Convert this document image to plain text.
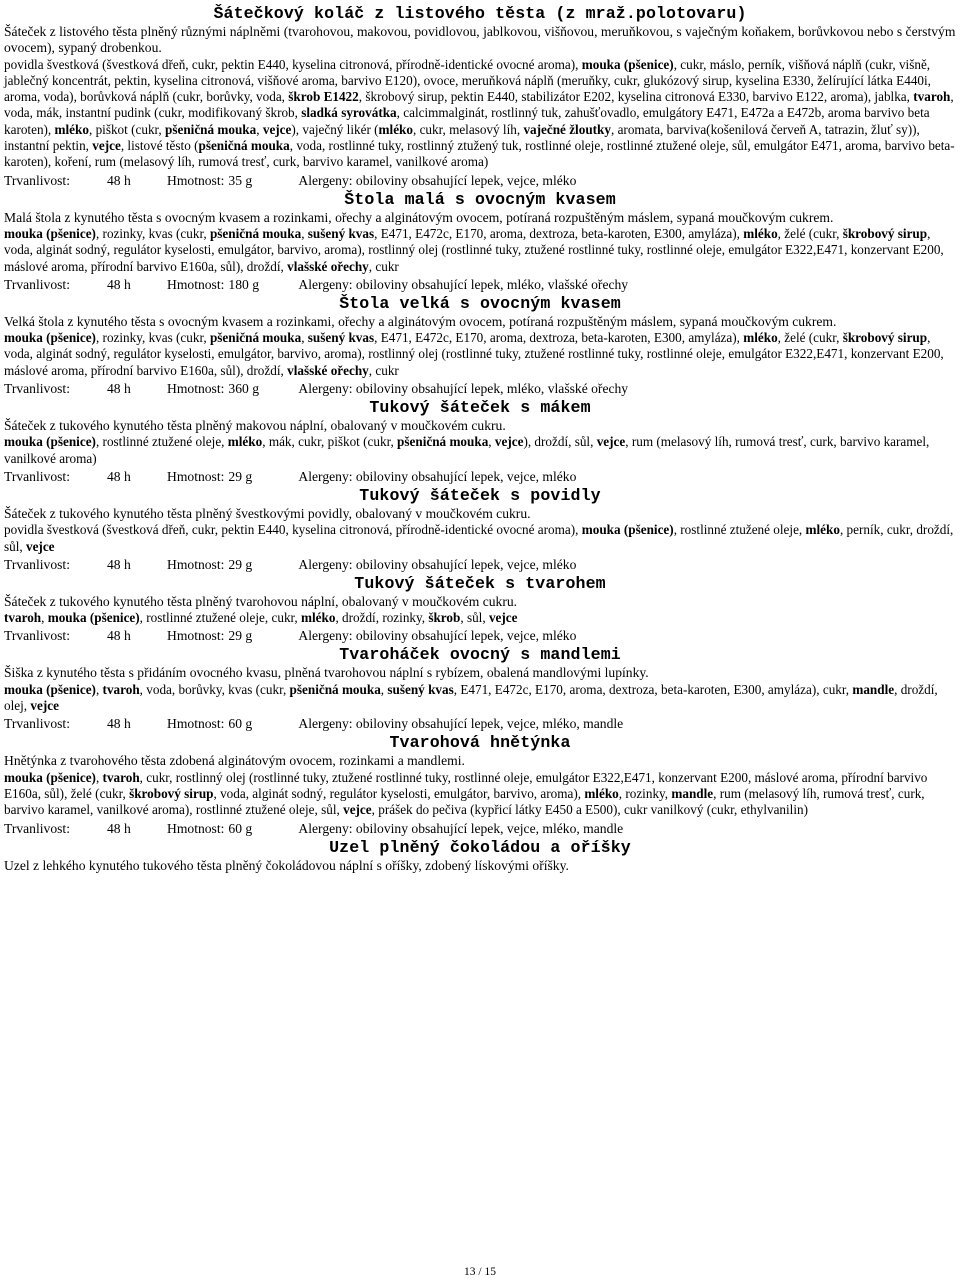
Šátečkový koláč z listového těsta (z mraž.polotovaru)
Šáteček z listového těsta plněný různými náplněmi (tvarohovou, makovou, povidlovou, jablkovou, višňovou, meruňkovou, s vaječným koňakem, borůvkovou nebo s čerstvým ovocem), sypaný drobenkou.
povidla švestková (švestková dřeň, cukr, pektin E440, kyselina citronová, přírodně-identické ovocné aroma), mouka (pšenice), cukr, máslo, perník, višňová náplň (cukr, višně, jablečný koncentrát, pektin, kyselina citronová, višňové aroma, barvivo E120), ovoce, meruňková náplň (meruňky, cukr, glukózový sirup, kyselina E330, želírující látka E440i, aroma, voda), borůvková náplň (cukr, borůvky, voda, škrob E1422, škrobový sirup, pektin E440, stabilizátor E202, kyselina citronová E330, barvivo E122, aroma), jablka, tvaroh, voda, mák, instantní pudink (cukr, modifikovaný škrob, sladká syrovátka, calcimmalginát, rostlinný tuk, zahušťovadlo, emulgátory E471, E472a a E472b, aroma barvivo beta karoten), mléko, piškot (cukr, pšeničná mouka, vejce), vaječný likér (mléko, cukr, melasový líh, vaječné žloutky, aromata, barviva(košenilová červeň A, tatrazin, žluť sy)), instantní pektin, vejce, listové těsto (pšeničná mouka, voda, rostlinné tuky, rostlinný ztužený tuk, rostlinné oleje, rostlinné ztužené oleje, sůl, emulgátor E471, aroma, barvivo beta-karoten), koření, rum (melasový líh, rumová tresť, curk, barvivo karamel, vanilkové aroma)
Trvanlivost:	48 h	Hmotnost: 35 g	Alergeny: obiloviny obsahující lepek, vejce, mléko
Štola malá s ovocným kvasem
Malá štola z kynutého těsta s ovocným kvasem a rozinkami, ořechy a alginátovým ovocem, potíraná rozpuštěným máslem, sypaná moučkovým cukrem.
mouka (pšenice), rozinky, kvas (cukr, pšeničná mouka, sušený kvas, E471, E472c, E170, aroma, dextroza, beta-karoten, E300, amyláza), mléko, želé (cukr, škrobový sirup, voda, alginát sodný, regulátor kyselosti, emulgátor, barvivo, aroma), rostlinný olej (rostlinné tuky, ztužené rostlinné tuky, rostlinné oleje, emulgátor E322,E471, konzervant E200, máslové aroma, přírodní barvivo E160a, sůl), droždí, vlašské ořechy, cukr
Trvanlivost:	48 h	Hmotnost: 180 g	Alergeny: obiloviny obsahující lepek, mléko, vlašské ořechy
Štola velká s ovocným kvasem
Velká štola z kynutého těsta s ovocným kvasem a rozinkami, ořechy a alginátovým ovocem, potíraná rozpuštěným máslem, sypaná moučkovým cukrem.
mouka (pšenice), rozinky, kvas (cukr, pšeničná mouka, sušený kvas, E471, E472c, E170, aroma, dextroza, beta-karoten, E300, amyláza), mléko, želé (cukr, škrobový sirup, voda, alginát sodný, regulátor kyselosti, emulgátor, barvivo, aroma), rostlinný olej (rostlinné tuky, ztužené rostlinné tuky, rostlinné oleje, emulgátor E322,E471, konzervant E200, máslové aroma, přírodní barvivo E160a, sůl), droždí, vlašské ořechy, cukr
Trvanlivost:	48 h	Hmotnost: 360 g	Alergeny: obiloviny obsahující lepek, mléko, vlašské ořechy
Tukový šáteček s mákem
Šáteček z tukového kynutého těsta plněný makovou náplní, obalovaný v moučkovém cukru.
mouka (pšenice), rostlinné ztužené oleje, mléko, mák, cukr, piškot (cukr, pšeničná mouka, vejce), droždí, sůl, vejce, rum (melasový líh, rumová tresť, curk, barvivo karamel, vanilkové aroma)
Trvanlivost:	48 h	Hmotnost: 29 g	Alergeny: obiloviny obsahující lepek, vejce, mléko
Tukový šáteček s povidly
Šáteček z tukového kynutého těsta plněný švestkovými povidly, obalovaný v moučkovém cukru.
povidla švestková (švestková dřeň, cukr, pektin E440, kyselina citronová, přírodně-identické ovocné aroma), mouka (pšenice), rostlinné ztužené oleje, mléko, perník, cukr, droždí, sůl, vejce
Trvanlivost:	48 h	Hmotnost: 29 g	Alergeny: obiloviny obsahující lepek, vejce, mléko
Tukový šáteček s tvarohem
Šáteček z tukového kynutého těsta plněný tvarohovou náplní, obalovaný v moučkovém cukru.
tvaroh, mouka (pšenice), rostlinné ztužené oleje, cukr, mléko, droždí, rozinky, škrob, sůl, vejce
Trvanlivost:	48 h	Hmotnost: 29 g	Alergeny: obiloviny obsahující lepek, vejce, mléko
Tvaroháček ovocný s mandlemi
Šiška z kynutého těsta s přidáním ovocného kvasu, plněná tvarohovou náplní s rybízem, obalená mandlovými lupínky.
mouka (pšenice), tvaroh, voda, borůvky, kvas (cukr, pšeničná mouka, sušený kvas, E471, E472c, E170, aroma, dextroza, beta-karoten, E300, amyláza), cukr, mandle, droždí, olej, vejce
Trvanlivost:	48 h	Hmotnost: 60 g	Alergeny: obiloviny obsahující lepek, vejce, mléko, mandle
Tvarohová hnětýnka
Hnětýnka z tvarohového těsta zdobená alginátovým ovocem, rozinkami a mandlemi.
mouka (pšenice), tvaroh, cukr, rostlinný olej (rostlinné tuky, ztužené rostlinné tuky, rostlinné oleje, emulgátor E322,E471, konzervant E200, máslové aroma, přírodní barvivo E160a, sůl), želé (cukr, škrobový sirup, voda, alginát sodný, regulátor kyselosti, emulgátor, barvivo, aroma), mléko, rozinky, mandle, rum (melasový líh, rumová tresť, curk, barvivo karamel, vanilkové aroma), rostlinné ztužené oleje, sůl, vejce, prášek do pečiva (kypřicí látky E450 a E500), cukr vanilkový (cukr, ethylvanilin)
Trvanlivost:	48 h	Hmotnost: 60 g	Alergeny: obiloviny obsahující lepek, vejce, mléko, mandle
Uzel plněný čokoládou a oříšky
Uzel z lehkého kynutého tukového těsta plněný čokoládovou náplní s oříšky, zdobený lískovými oříšky.
13 / 15
